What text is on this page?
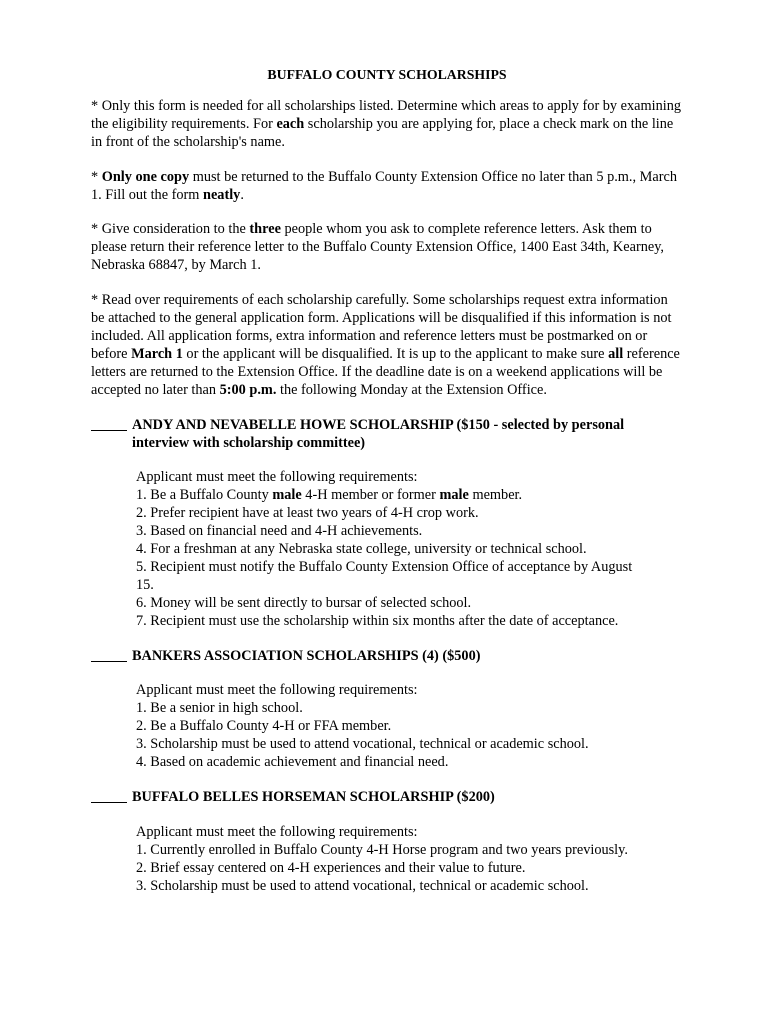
BUFFALO COUNTY SCHOLARSHIPS

* Only this form is needed for all scholarships listed. Determine which areas to apply for by examining the eligibility requirements. For each scholarship you are applying for, place a check mark on the line in front of the scholarship's name.

* Only one copy must be returned to the Buffalo County Extension Office no later than 5 p.m., March 1. Fill out the form neatly.

* Give consideration to the three people whom you ask to complete reference letters. Ask them to please return their reference letter to the Buffalo County Extension Office, 1400 East 34th, Kearney, Nebraska 68847, by March 1.

* Read over requirements of each scholarship carefully. Some scholarships request extra information be attached to the general application form. Applications will be disqualified if this information is not included. All application forms, extra information and reference letters must be postmarked on or before March 1 or the applicant will be disqualified. It is up to the applicant to make sure all reference letters are returned to the Extension Office. If the deadline date is on a weekend applications will be accepted no later than 5:00 p.m. the following Monday at the Extension Office.

ANDY AND NEVABELLE HOWE SCHOLARSHIP ($150 - selected by personal
interview with scholarship committee)
Applicant must meet the following requirements:
1. Be a Buffalo County male 4-H member or former male member.
2. Prefer recipient have at least two years of 4-H crop work.
3. Based on financial need and 4-H achievements.
4. For a freshman at any Nebraska state college, university or technical school.
5. Recipient must notify the Buffalo County Extension Office of acceptance by August 15.
6. Money will be sent directly to bursar of selected school.
7. Recipient must use the scholarship within six months after the date of acceptance.
BANKERS ASSOCIATION SCHOLARSHIPS (4) ($500)
Applicant must meet the following requirements:
1. Be a senior in high school.
2. Be a Buffalo County 4-H or FFA member.
3. Scholarship must be used to attend vocational, technical or academic school.
4. Based on academic achievement and financial need.
BUFFALO BELLES HORSEMAN SCHOLARSHIP ($200)
Applicant must meet the following requirements:
1. Currently enrolled in Buffalo County 4-H Horse program and two years previously.
2. Brief essay centered on 4-H experiences and their value to future.
3. Scholarship must be used to attend vocational, technical or academic school.
